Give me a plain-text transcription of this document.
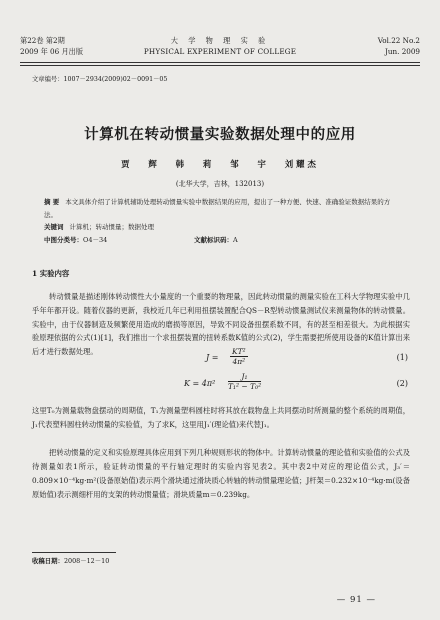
第22卷 第2期	大 学 物 理 实 验	Vol.22 No.2
2009 年 06 月出版	PHYSICAL EXPERIMENT OF COLLEGE	Jun. 2009
文章编号：1007－2934(2009)02－0091－05
计算机在转动惯量实验数据处理中的应用
贾 辉 韩 莉 邹 宇 刘耀杰
(北华大学，吉林，132013)
摘 要 本文具体介绍了计算机辅助处理转动惯量实验中数据结果的应用，提出了一种方便、快速、准确验证数据结果的方法。
关键词 计算机；转动惯量；数据处理
中图分类号：O4－34	文献标识码：A
1 实验内容
转动惯量是描述刚体转动惯性大小量度的一个重要的物理量，因此转动惯量的测量实验在工科大学物理实验中几乎年年都开设。随着仪器的更新，我校近几年已利用扭摆装置配合QS－R型转动惯量测试仪来测量物体的转动惯量。实验中，由于仪器制造及频繁使用造成的磨损等原因，导致不同设备扭摆系数不同，有的甚至相差很大。为此根据实验原理依据的公式(1)[1]，我们推出一个求扭摆装置的扭转系数K值的公式(2)，学生需要把所使用设备的K值计算出来后才进行数据处理。
$J = \frac{\text{KT²}}{\text{4π²}}$	(1)
$K = 4\pi^2 \frac{\text{J₁}}{\text{T₁² − T₀²}}$	(2)
这里T₀为测量载物盘摆动的周期值，T₁为测量塑料圆柱时将其放在载物盘上共同摆动时所测量的整个系统的周期值，J₁代表塑料圆柱转动惯量的实验值，为了求K，这里用J₁′(理论值)来代替J₁。
把转动惯量的定义和实验原理具体应用到下列几种规则形状的物体中。计算转动惯量的理论值和实验值的公式及待测量如表1所示，验证转动惯量的平行轴定理时的实验内容见表2。其中表2中对应的理论值公式，J₃′＝0.809×10⁻⁴kg·m²(设备原始值)表示两个滑块通过滑块质心转轴的转动惯量理论值；J杆架＝0.232×10⁻⁴kg·m(设备原始值)表示测细杆用的支架的转动惯量值；滑块质量m＝0.239kg。
收稿日期：2008－12－10
— 91 —
